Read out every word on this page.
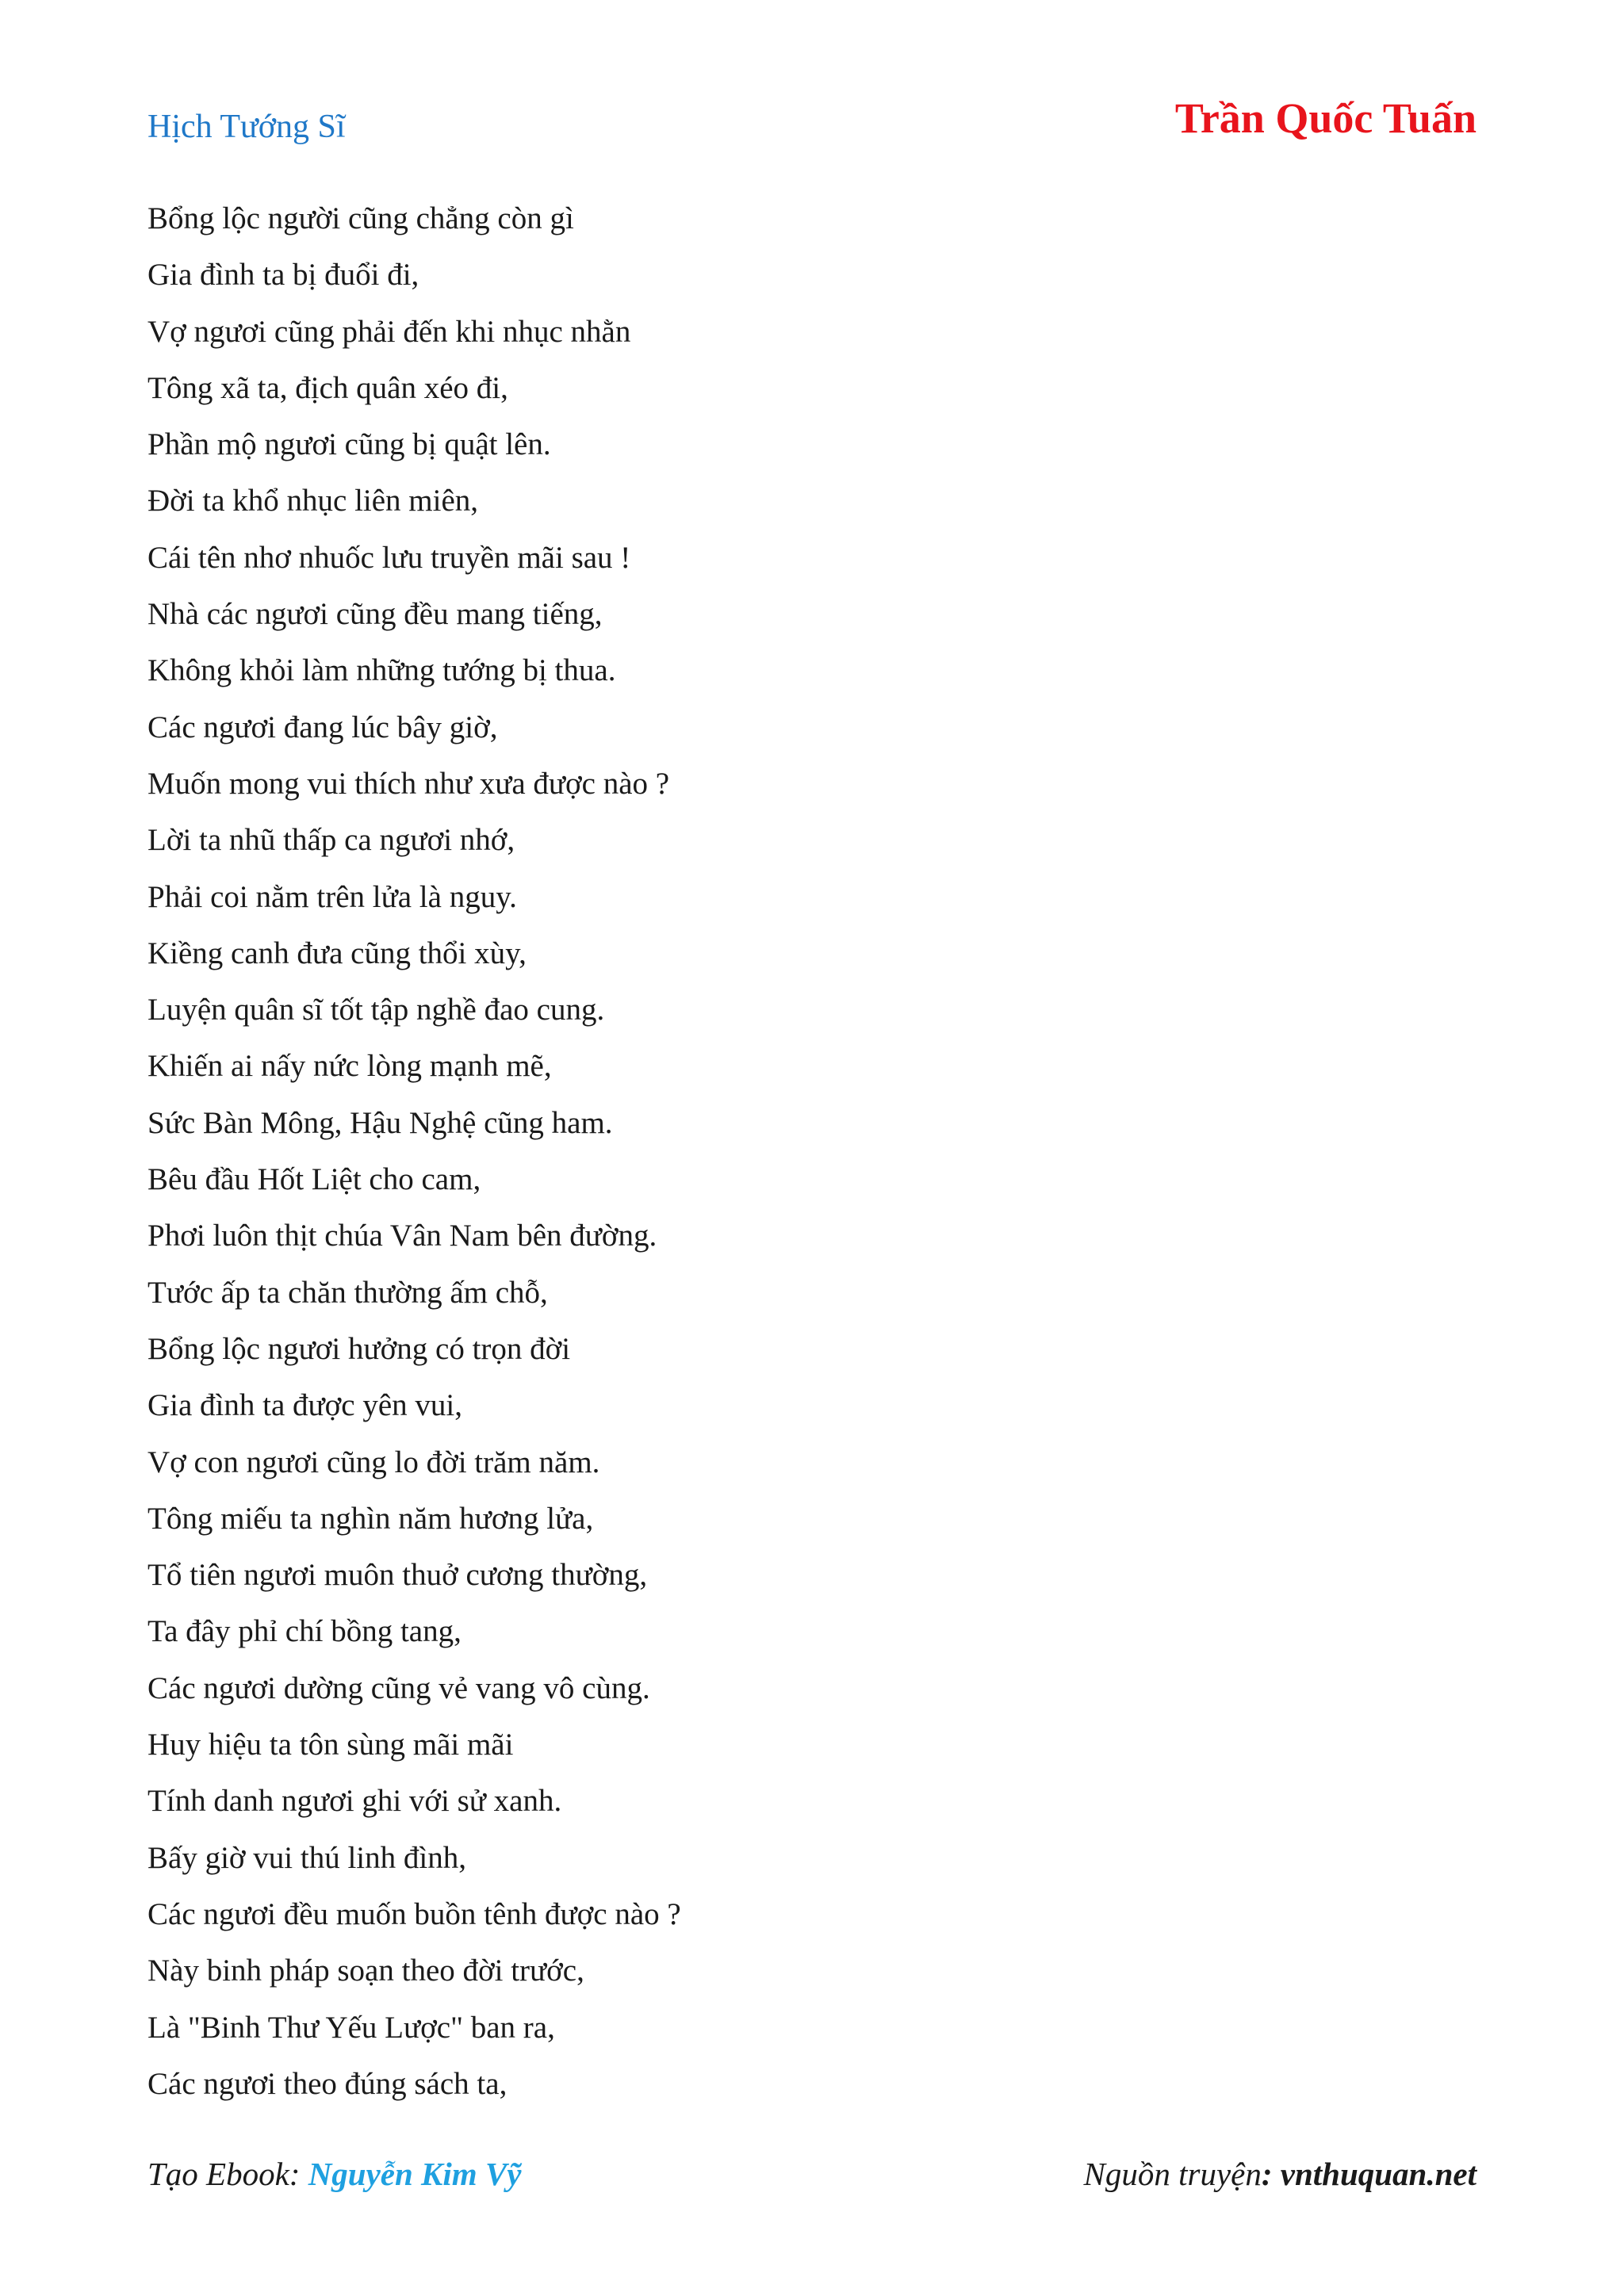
Hịch Tướng Sĩ	Trần Quốc Tuấn
Bổng lộc người cũng chẳng còn gì
Gia đình ta bị đuổi đi,
Vợ ngươi cũng phải đến khi nhục nhằn
Tông xã ta, địch quân xéo đi,
Phần mộ ngươi cũng bị quật lên.
Đời ta khổ nhục liên miên,
Cái tên nhơ nhuốc lưu truyền mãi sau !
Nhà các ngươi cũng đều mang tiếng,
Không khỏi làm những tướng bị thua.
Các ngươi đang lúc bây giờ,
Muốn mong vui thích như xưa được nào ?
Lời ta nhũ thấp ca ngươi nhớ,
Phải coi nằm trên lửa là nguy.
Kiềng canh đưa cũng thổi xùy,
Luyện quân sĩ tốt tập nghề đao cung.
Khiến ai nấy nức lòng mạnh mẽ,
Sức Bàn Mông, Hậu Nghệ cũng ham.
Bêu đầu Hốt Liệt cho cam,
Phơi luôn thịt chúa Vân Nam bên đường.
Tước ấp ta chăn thường ấm chỗ,
Bổng lộc ngươi hưởng có trọn đời
Gia đình ta được yên vui,
Vợ con ngươi cũng lo đời trăm năm.
Tông miếu ta nghìn năm hương lửa,
Tổ tiên ngươi muôn thuở cương thường,
Ta đây phỉ chí bồng tang,
Các ngươi dường cũng vẻ vang vô cùng.
Huy hiệu ta tôn sùng mãi mãi
Tính danh ngươi ghi với sử xanh.
Bấy giờ vui thú linh đình,
Các ngươi đều muốn buồn tênh được nào ?
Này binh pháp soạn theo đời trước,
Là "Binh Thư Yếu Lược" ban ra,
Các ngươi theo đúng sách ta,
Tạo Ebook: Nguyễn Kim Vỹ	Nguồn truyện: vnthuquan.net
